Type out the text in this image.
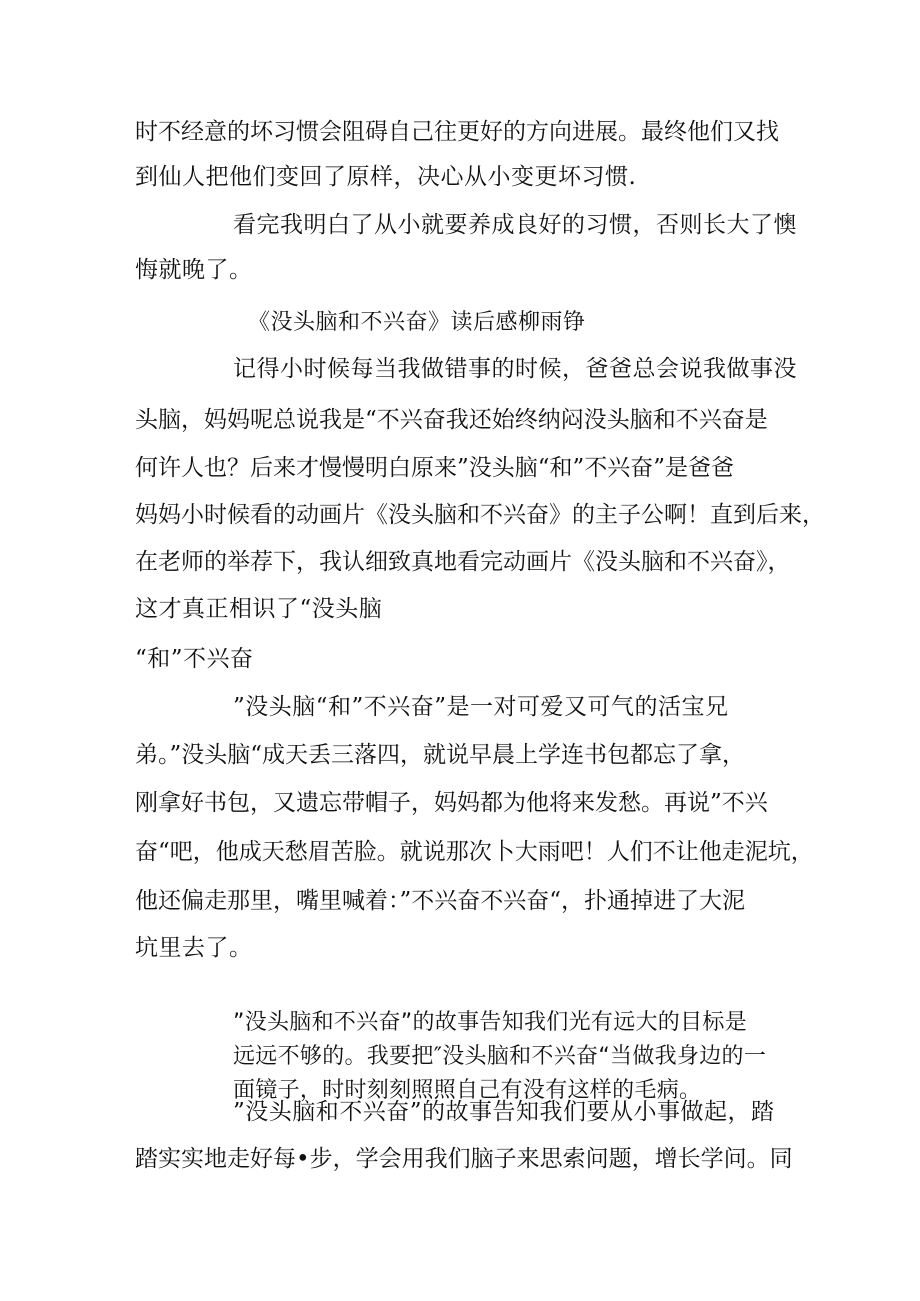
时不经意的坏习惯会阻碍自己往更好的方向进展。最终他们又找

到仙人把他们变回了原样，决心从小变更坏习惯.

看完我明白了从小就要养成良好的习惯，否则长大了懊

悔就晚了。

《没头脑和不兴奋》读后感柳雨铮

记得小时候每当我做错事的时候，爸爸总会说我做事没

头脑，妈妈呢总说我是“不兴奋我还始终纳闷没头脑和不兴奋是

何许人也？后来才慢慢明白原来”没头脑“和”不兴奋”是爸爸

妈妈小时候看的动画片《没头脑和不兴奋》的主子公啊！直到后来，

在老师的举荐下，我认细致真地看完动画片《没头脑和不兴奋》，

这才真正相识了“没头脑

“和”不兴奋

”没头脑“和”不兴奋”是一对可爱又可气的活宝兄

弟。”没头脑“成天丢三落四，就说早晨上学连书包都忘了拿，

刚拿好书包，又遗忘带帽子，妈妈都为他将来发愁。再说”不兴

奋“吧，他成天愁眉苦脸。就说那次卜大雨吧！人们不让他走泥坑，

他还偏走那里，嘴里喊着：”不兴奋不兴奋“，扑通掉进了大泥

坑里去了。

”没头脑和不兴奋”的故事告知我们光有远大的目标是

远远不够的。我要把″没头脑和不兴奋“当做我身边的一

面镜子，时时刻刻照照自己有没有这样的毛病。

”没头脑和不兴奋”的故事告知我们要从小事做起，踏

踏实实地走好每•步，学会用我们脑子来思索问题，增长学问。同
